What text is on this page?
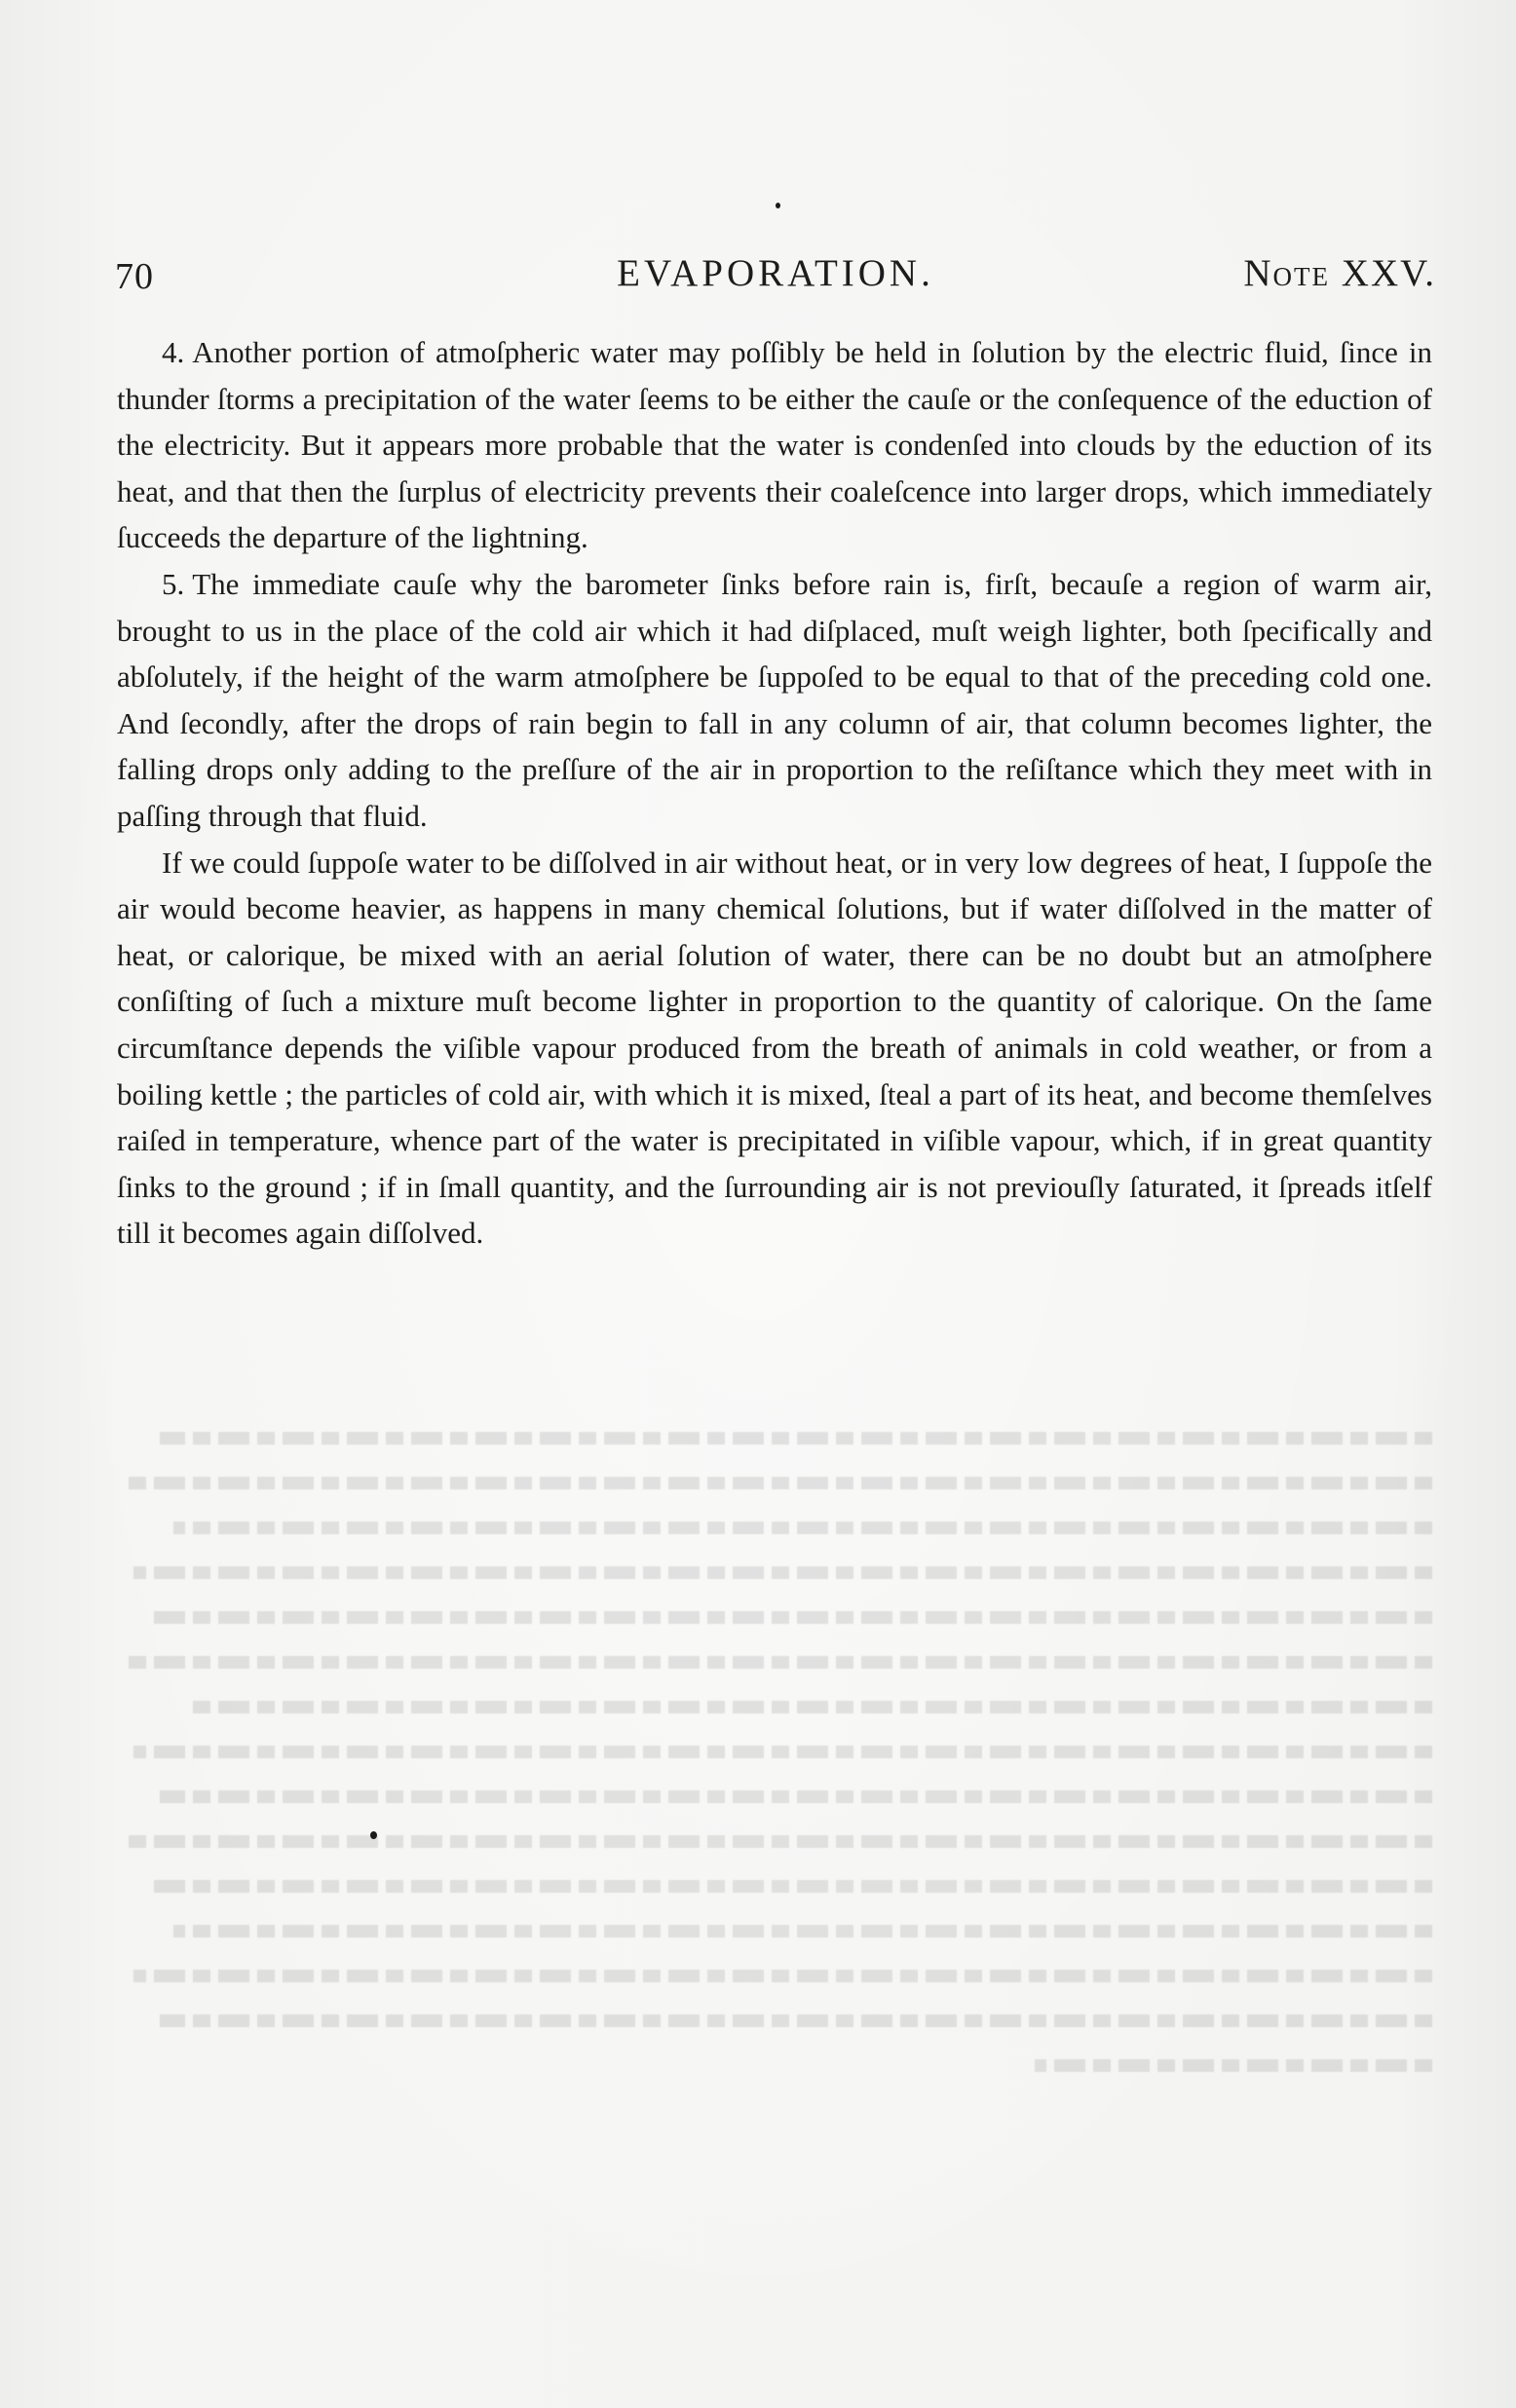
70	EVAPORATION.	Note XXV.

4. Another portion of atmoſpheric water may poſſibly be held in ſolution by the electric fluid, ſince in thunder ſtorms a precipitation of the water ſeems to be either the cauſe or the conſequence of the eduction of the electricity. But it appears more probable that the water is condenſed into clouds by the eduction of its heat, and that then the ſurplus of electricity prevents their coaleſcence into larger drops, which immediately ſucceeds the departure of the lightning.

5. The immediate cauſe why the barometer ſinks before rain is, firſt, becauſe a region of warm air, brought to us in the place of the cold air which it had diſplaced, muſt weigh lighter, both ſpecifically and abſolutely, if the height of the warm atmoſphere be ſuppoſed to be equal to that of the preceding cold one. And ſecondly, after the drops of rain begin to fall in any column of air, that column becomes lighter, the falling drops only adding to the preſſure of the air in proportion to the reſiſtance which they meet with in paſſing through that fluid.

If we could ſuppoſe water to be diſſolved in air without heat, or in very low degrees of heat, I ſuppoſe the air would become heavier, as happens in many chemical ſolutions, but if water diſſolved in the matter of heat, or calorique, be mixed with an aerial ſolution of water, there can be no doubt but an atmoſphere conſiſting of ſuch a mixture muſt become lighter in proportion to the quantity of calorique. On the ſame circumſtance depends the viſible vapour produced from the breath of animals in cold weather, or from a boiling kettle ; the particles of cold air, with which it is mixed, ſteal a part of its heat, and become themſelves raiſed in temperature, whence part of the water is precipitated in viſible vapour, which, if in great quantity ſinks to the ground ; if in ſmall quantity, and the ſurrounding air is not previouſly ſaturated, it ſpreads itſelf till it becomes again diſſolved.
